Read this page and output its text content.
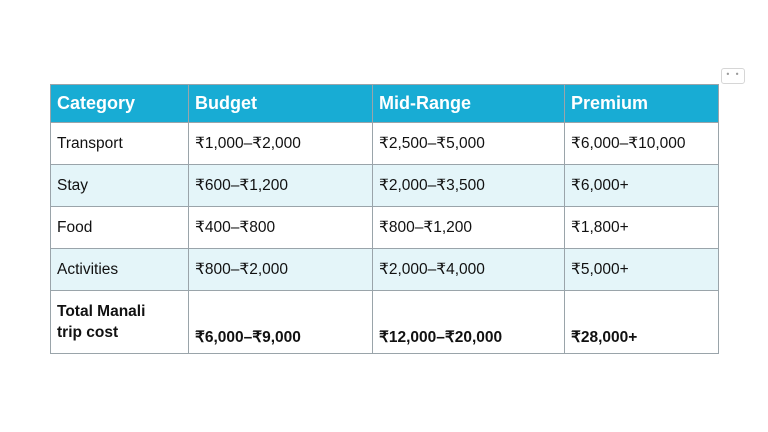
• •
Category	Budget	Mid-Range	Premium
Transport	₹1,000–₹2,000	₹2,500–₹5,000	₹6,000–₹10,000
Stay	₹600–₹1,200	₹2,000–₹3,500	₹6,000+
Food	₹400–₹800	₹800–₹1,200	₹1,800+
Activities	₹800–₹2,000	₹2,000–₹4,000	₹5,000+
Total Manali
trip cost	₹6,000–₹9,000	₹12,000–₹20,000	₹28,000+
